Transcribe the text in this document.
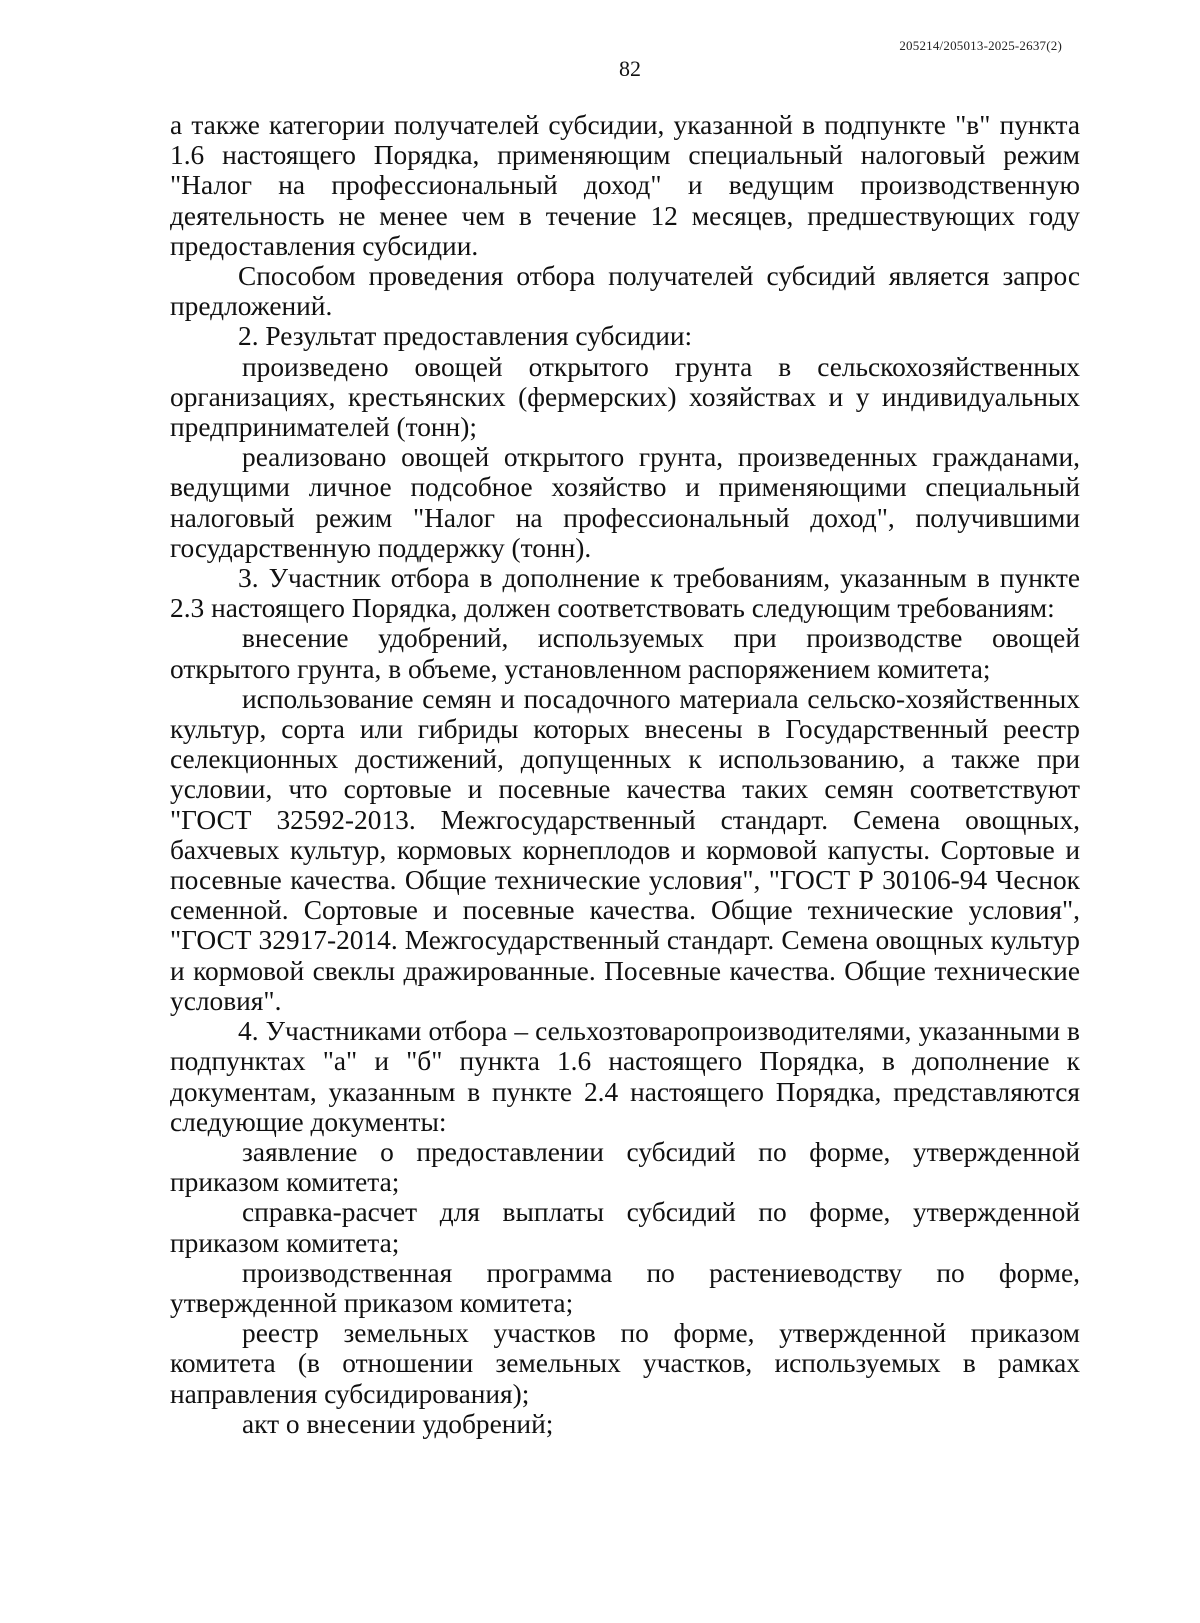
205214/205013-2025-2637(2)
82

а также категории получателей субсидии, указанной в подпункте "в" пункта 1.6 настоящего Порядка, применяющим специальный налоговый режим "Налог на профессиональный доход" и ведущим производственную деятельность не менее чем в течение 12 месяцев, предшествующих году предоставления субсидии.

Способом проведения отбора получателей субсидий является запрос предложений.

2. Результат предоставления субсидии:

произведено овощей открытого грунта в сельскохозяйственных организациях, крестьянских (фермерских) хозяйствах и у индивидуальных предпринимателей (тонн);

реализовано овощей открытого грунта, произведенных гражданами, ведущими личное подсобное хозяйство и применяющими специальный налоговый режим "Налог на профессиональный доход", получившими государственную поддержку (тонн).

3. Участник отбора в дополнение к требованиям, указанным в пункте 2.3 настоящего Порядка, должен соответствовать следующим требованиям:

внесение удобрений, используемых при производстве овощей открытого грунта, в объеме, установленном распоряжением комитета;

использование семян и посадочного материала сельско-хозяйственных культур, сорта или гибриды которых внесены в Государственный реестр селекционных достижений, допущенных к использованию, а также при условии, что сортовые и посевные качества таких семян соответствуют "ГОСТ 32592-2013. Межгосударственный стандарт. Семена овощных, бахчевых культур, кормовых корнеплодов и кормовой капусты. Сортовые и посевные качества. Общие технические условия", "ГОСТ Р 30106-94 Чеснок семенной. Сортовые и посевные качества. Общие технические условия", "ГОСТ 32917-2014. Межгосударственный стандарт. Семена овощных культур и кормовой свеклы дражированные. Посевные качества. Общие технические условия".

4. Участниками отбора – сельхозтоваропроизводителями, указанными в подпунктах "а" и "б" пункта 1.6 настоящего Порядка, в дополнение к документам, указанным в пункте 2.4 настоящего Порядка, представляются следующие документы:

заявление о предоставлении субсидий по форме, утвержденной приказом комитета;

справка-расчет для выплаты субсидий по форме, утвержденной приказом комитета;

производственная программа по растениеводству по форме, утвержденной приказом комитета;

реестр земельных участков по форме, утвержденной приказом комитета (в отношении земельных участков, используемых в рамках направления субсидирования);

акт о внесении удобрений;
